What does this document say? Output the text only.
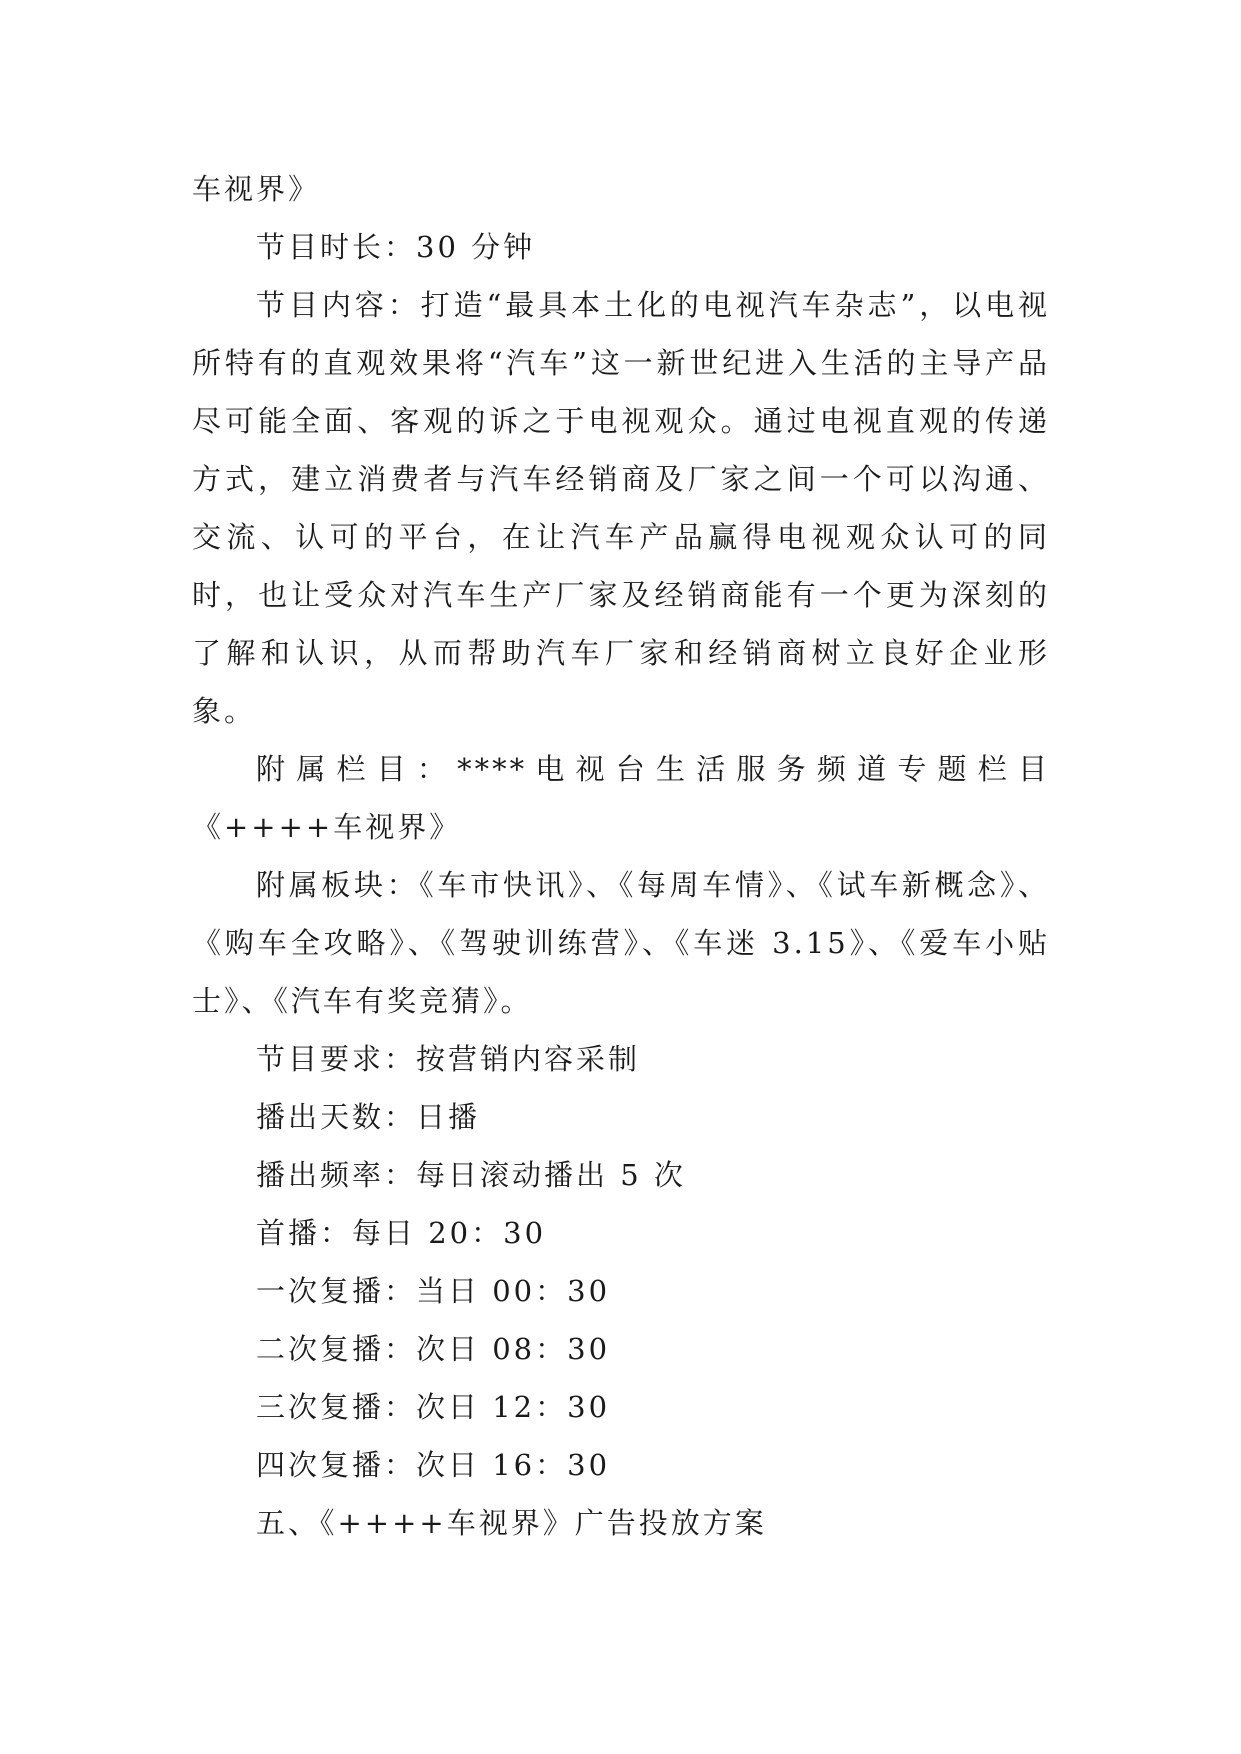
车视界》

节目时长：30 分钟

节目内容：打造“最具本土化的电视汽车杂志”，以电视所特有的直观效果将“汽车”这一新世纪进入生活的主导产品尽可能全面、客观的诉之于电视观众。通过电视直观的传递方式，建立消费者与汽车经销商及厂家之间一个可以沟通、交流、认可的平台，在让汽车产品赢得电视观众认可的同时，也让受众对汽车生产厂家及经销商能有一个更为深刻的了解和认识，从而帮助汽车厂家和经销商树立良好企业形象。

附属栏目：****电视台生活服务频道专题栏目《++++车视界》

附属板块：《车市快讯》、《每周车情》、《试车新概念》、《购车全攻略》、《驾驶训练营》、《车迷 3.15》、《爱车小贴士》、《汽车有奖竞猜》。

节目要求：按营销内容采制

播出天数：日播

播出频率：每日滚动播出 5 次

首播：每日 20：30

一次复播：当日 00：30

二次复播：次日 08：30

三次复播：次日 12：30

四次复播：次日 16：30

五、《++++车视界》广告投放方案
